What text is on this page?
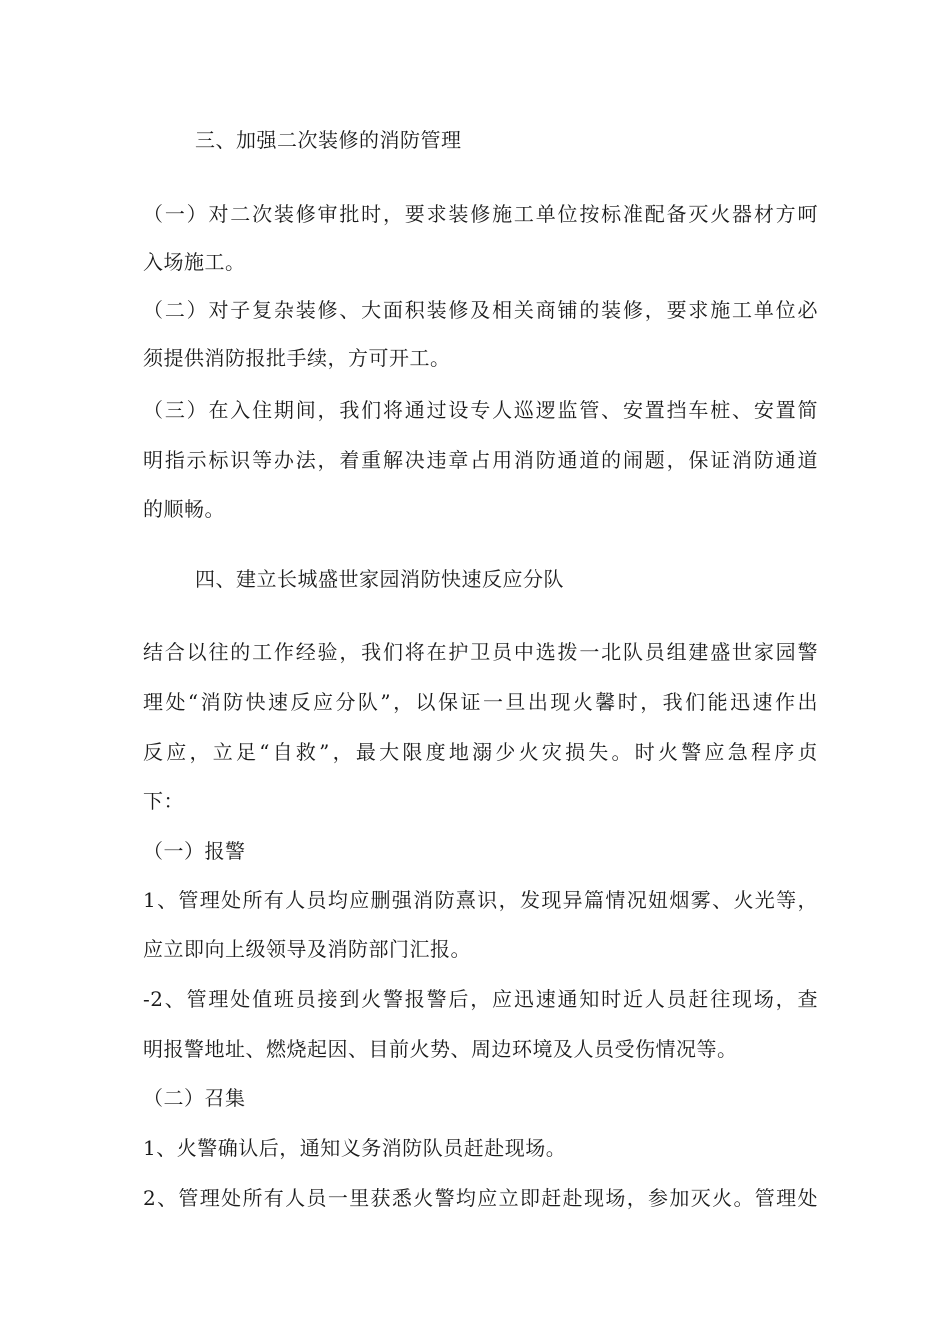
三、加强二次装修的消防管理
（一）对二次装修审批时，要求装修施工单位按标准配备灭火器材方呵
入场施工。
（二）对子复杂装修、大面积装修及相关商铺的装修，要求施工单位必
须提供消防报批手续，方可开工。
（三）在入住期间，我们将通过设专人巡逻监管、安置挡车桩、安置简
明指示标识等办法，着重解决违章占用消防通道的闹题，保证消防通道
的顺畅。
四、建立长城盛世家园消防快速反应分队
结合以往的工作经验，我们将在护卫员中选拨一北队员组建盛世家园警
理处“消防快速反应分队”，以保证一旦出现火馨时，我们能迅速作出
反应，立足“自救”，最大限度地溺少火灾损失。时火警应急程序贞
下：
（一）报警
1、管理处所有人员均应删强消防熹识，发现异篇情况妞烟雾、火光等，
应立即向上级领导及消防部门汇报。
-2、管理处值班员接到火警报警后，应迅速通知时近人员赶往现场，查
明报警地址、燃烧起因、目前火势、周边环境及人员受伤情况等。
（二）召集
1、火警确认后，通知义务消防队员赶赴现场。
2、管理处所有人员一里获悉火警均应立即赶赴现场，参加灭火。管理处
